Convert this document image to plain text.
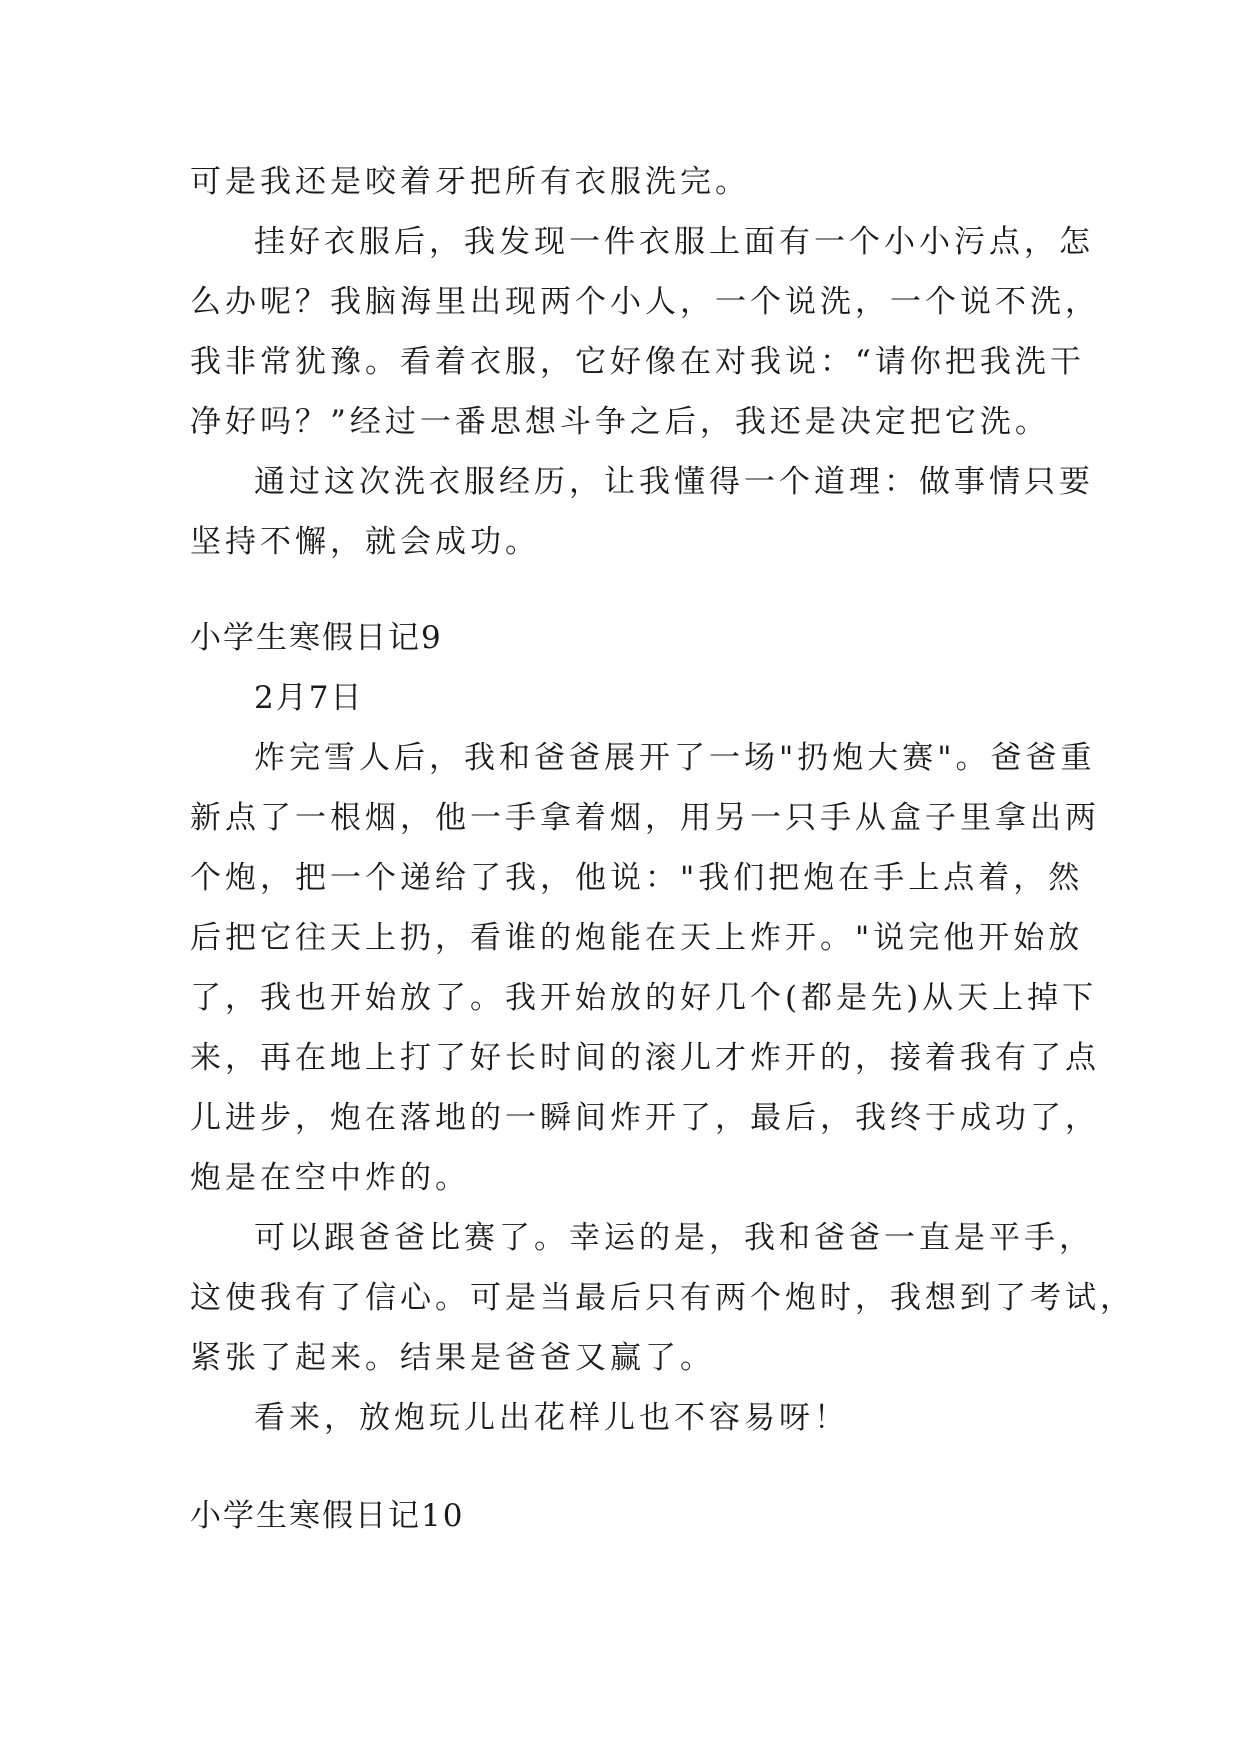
可是我还是咬着牙把所有衣服洗完。
挂好衣服后，我发现一件衣服上面有一个小小污点，怎
么办呢？我脑海里出现两个小人，一个说洗，一个说不洗，
我非常犹豫。看着衣服，它好像在对我说：“请你把我洗干
净好吗？”经过一番思想斗争之后，我还是决定把它洗。
通过这次洗衣服经历，让我懂得一个道理：做事情只要
坚持不懈，就会成功。
小学生寒假日记9
2月7日
炸完雪人后，我和爸爸展开了一场"扔炮大赛"。爸爸重
新点了一根烟，他一手拿着烟，用另一只手从盒子里拿出两
个炮，把一个递给了我，他说："我们把炮在手上点着，然
后把它往天上扔，看谁的炮能在天上炸开。"说完他开始放
了，我也开始放了。我开始放的好几个(都是先)从天上掉下
来，再在地上打了好长时间的滚儿才炸开的，接着我有了点
儿进步，炮在落地的一瞬间炸开了，最后，我终于成功了，
炮是在空中炸的。
可以跟爸爸比赛了。幸运的是，我和爸爸一直是平手，
这使我有了信心。可是当最后只有两个炮时，我想到了考试，
紧张了起来。结果是爸爸又赢了。
看来，放炮玩儿出花样儿也不容易呀！
小学生寒假日记10
